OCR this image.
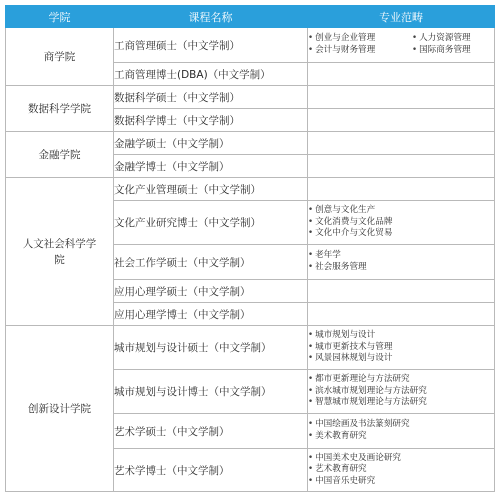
学院	课程名称	专业范畴
商学院	工商管理硕士（中文学制）	• 创业与企业管理 • 人力资源管理
• 会计与财务管理 • 国际商务管理

	工商管理博士(DBA)（中文学制）	
数据科学学院	数据科学硕士（中文学制）	
	数据科学博士（中文学制）	
金融学院	金融学硕士（中文学制）	
	金融学博士（中文学制）	
人文社会科学学院	文化产业管理硕士（中文学制）	
	文化产业研究博士（中文学制）	• 创意与文化生产
• 文化消费与文化品牌
• 文化中介与文化贸易

	社会工作学硕士（中文学制）	• 老年学
• 社会服务管理

	应用心理学硕士（中文学制）	
	应用心理学博士（中文学制）	
创新设计学院	城市规划与设计硕士（中文学制）	• 城市规划与设计
• 城市更新技术与管理
• 风景园林规划与设计

	城市规划与设计博士（中文学制）	• 都市更新理论与方法研究
• 滨水城市规划理论与方法研究
• 智慧城市规划理论与方法研究

	艺术学硕士（中文学制）	• 中国绘画及书法篆刻研究
• 美术教育研究

	艺术学博士（中文学制）	• 中国美术史及画论研究
• 艺术教育研究
• 中国音乐史研究
